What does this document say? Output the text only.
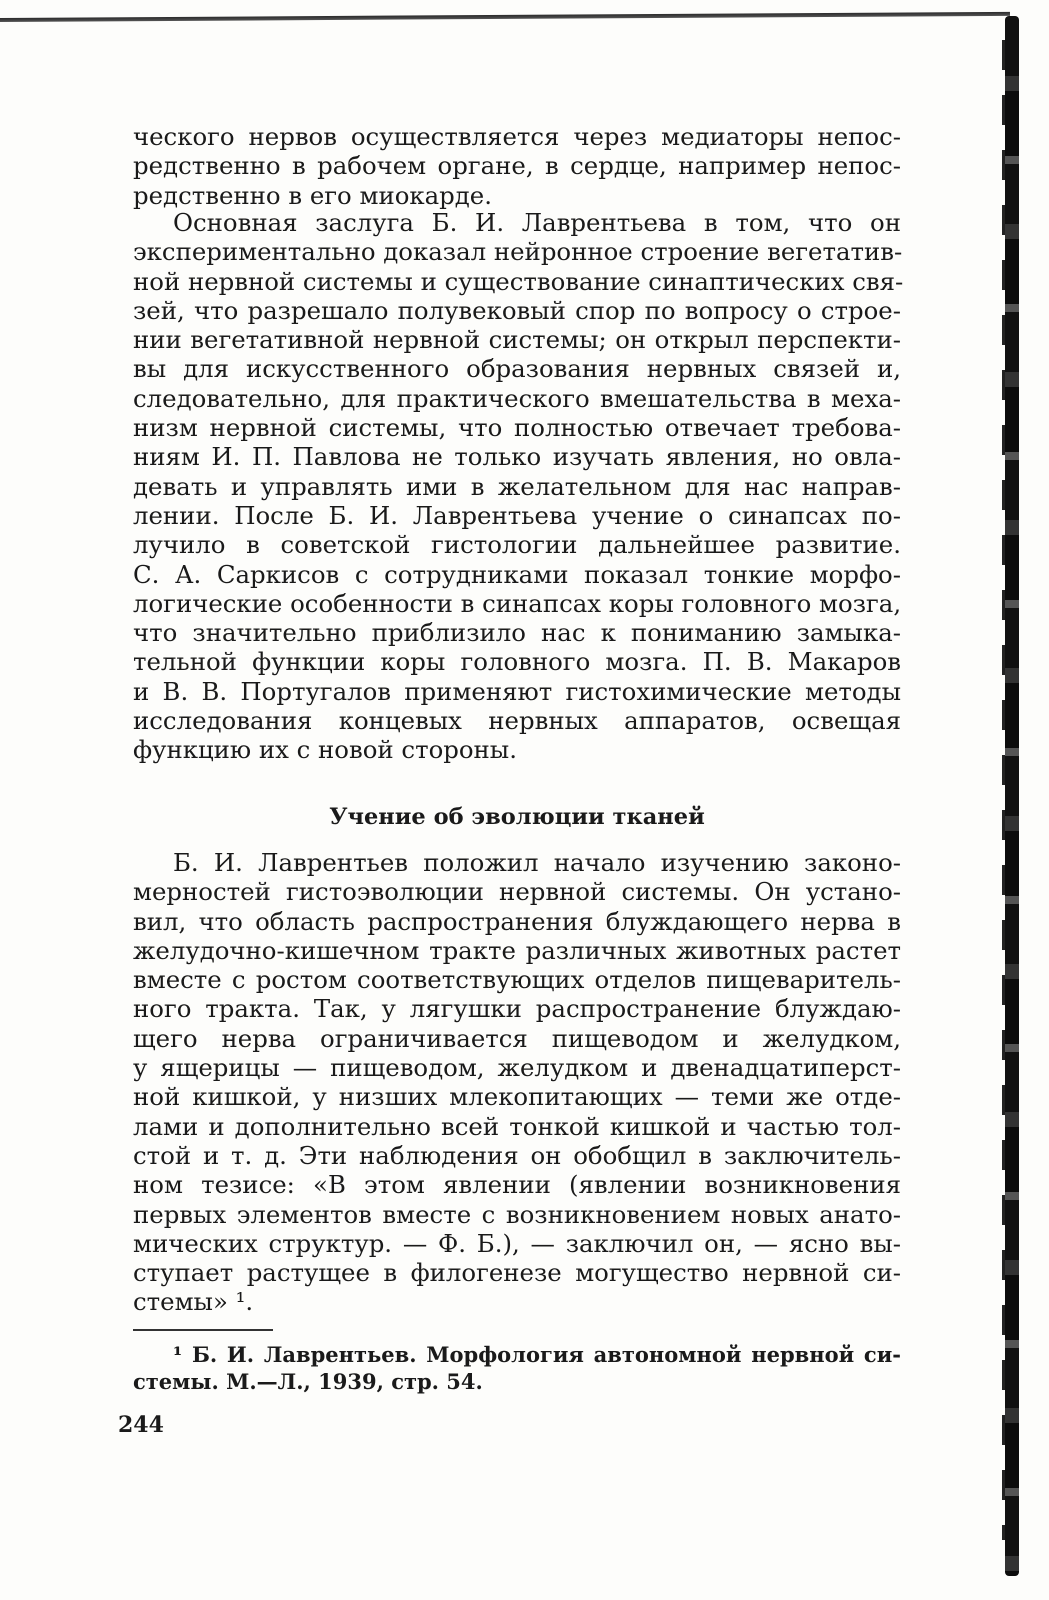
ческого нервов осуществляется через медиаторы непос-
редственно в рабочем органе, в сердце, например непос-
редственно в его миокарде.
Основная заслуга Б. И. Лаврентьева в том, что он
экспериментально доказал нейронное строение вегетатив-
ной нервной системы и существование синаптических свя-
зей, что разрешало полувековый спор по вопросу о строе-
нии вегетативной нервной системы; он открыл перспекти-
вы для искусственного образования нервных связей и,
следовательно, для практического вмешательства в меха-
низм нервной системы, что полностью отвечает требова-
ниям И. П. Павлова не только изучать явления, но овла-
девать и управлять ими в желательном для нас направ-
лении. После Б. И. Лаврентьева учение о синапсах по-
лучило в советской гистологии дальнейшее развитие.
С. А. Саркисов с сотрудниками показал тонкие морфо-
логические особенности в синапсах коры головного мозга,
что значительно приблизило нас к пониманию замыка-
тельной функции коры головного мозга. П. В. Макаров
и В. В. Португалов применяют гистохимические методы
исследования концевых нервных аппаратов, освещая
функцию их с новой стороны.
Учение об эволюции тканей
Б. И. Лаврентьев положил начало изучению законо-
мерностей гистоэволюции нервной системы. Он устано-
вил, что область распространения блуждающего нерва в
желудочно-кишечном тракте различных животных растет
вместе с ростом соответствующих отделов пищеваритель-
ного тракта. Так, у лягушки распространение блуждаю-
щего нерва ограничивается пищеводом и желудком,
у ящерицы — пищеводом, желудком и двенадцатиперст-
ной кишкой, у низших млекопитающих — теми же отде-
лами и дополнительно всей тонкой кишкой и частью тол-
стой и т. д. Эти наблюдения он обобщил в заключитель-
ном тезисе: «В этом явлении (явлении возникновения
первых элементов вместе с возникновением новых анато-
мических структур. — Ф. Б.), — заключил он, — ясно вы-
ступает растущее в филогенезе могущество нервной си-
стемы» ¹.
¹ Б. И. Лаврентьев. Морфология автономной нервной си-
стемы. М.—Л., 1939, стр. 54.
244
